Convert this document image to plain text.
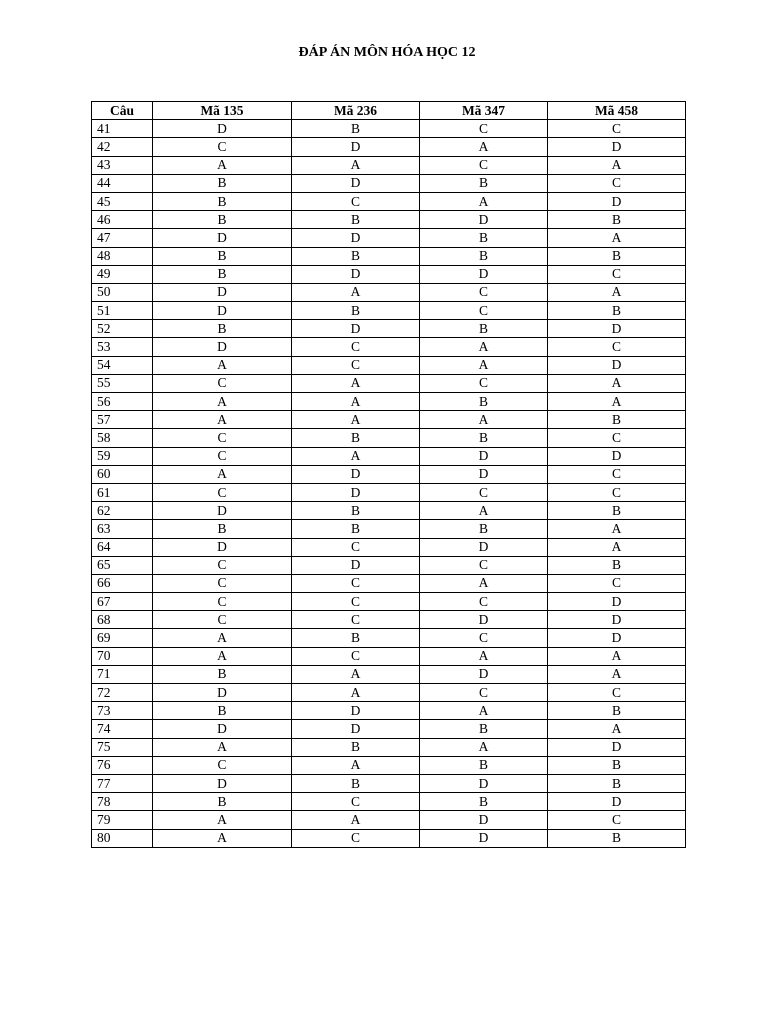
ĐÁP ÁN MÔN HÓA HỌC 12
Câu	Mã 135	Mã 236	Mã 347	Mã 458
41	D	B	C	C
42	C	D	A	D
43	A	A	C	A
44	B	D	B	C
45	B	C	A	D
46	B	B	D	B
47	D	D	B	A
48	B	B	B	B
49	B	D	D	C
50	D	A	C	A
51	D	B	C	B
52	B	D	B	D
53	D	C	A	C
54	A	C	A	D
55	C	A	C	A
56	A	A	B	A
57	A	A	A	B
58	C	B	B	C
59	C	A	D	D
60	A	D	D	C
61	C	D	C	C
62	D	B	A	B
63	B	B	B	A
64	D	C	D	A
65	C	D	C	B
66	C	C	A	C
67	C	C	C	D
68	C	C	D	D
69	A	B	C	D
70	A	C	A	A
71	B	A	D	A
72	D	A	C	C
73	B	D	A	B
74	D	D	B	A
75	A	B	A	D
76	C	A	B	B
77	D	B	D	B
78	B	C	B	D
79	A	A	D	C
80	A	C	D	B
